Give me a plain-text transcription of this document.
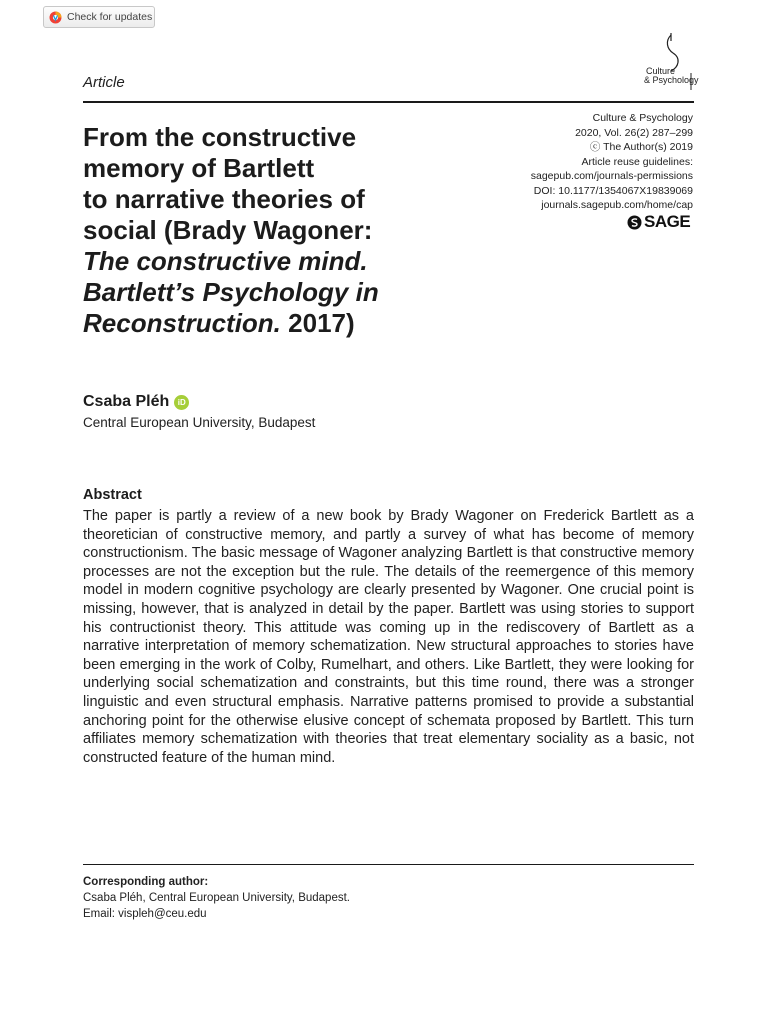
Check for updates
Culture
& Psychology
Article
From the constructive
memory of Bartlett
to narrative theories of
social (Brady Wagoner:
The constructive mind.
Bartlett’s Psychology in
Reconstruction. 2017)
Culture & Psychology
2020, Vol. 26(2) 287–299
ⓒ The Author(s) 2019
Article reuse guidelines:
sagepub.com/journals-permissions
DOI: 10.1177/1354067X19839069
journals.sagepub.com/home/cap
SAGE
Csaba Pléh	iD
Central European University, Budapest
Abstract

The paper is partly a review of a new book by Brady Wagoner on Frederick Bartlett as a theoretician of constructive memory, and partly a survey of what has become of memory constructionism. The basic message of Wagoner analyzing Bartlett is that constructive memory processes are not the exception but the rule. The details of the reemergence of this memory model in modern cognitive psychology are clearly presented by Wagoner. One crucial point is missing, however, that is analyzed in detail by the paper. Bartlett was using stories to support his contructionist theory. This attitude was coming up in the rediscovery of Bartlett as a narrative interpretation of memory schematization. New structural approaches to stories have been emerging in the work of Colby, Rumelhart, and others. Like Bartlett, they were looking for underlying social schematization and constraints, but this time round, there was a stronger linguistic and even structural emphasis. Narrative patterns promised to provide a substantial anchoring point for the otherwise elusive concept of schemata proposed by Bartlett. This turn affiliates memory schematization with theories that treat elementary sociality as a basic, not constructed feature of the human mind.

Corresponding author:
Csaba Pléh, Central European University, Budapest.
Email: vispleh@ceu.edu
